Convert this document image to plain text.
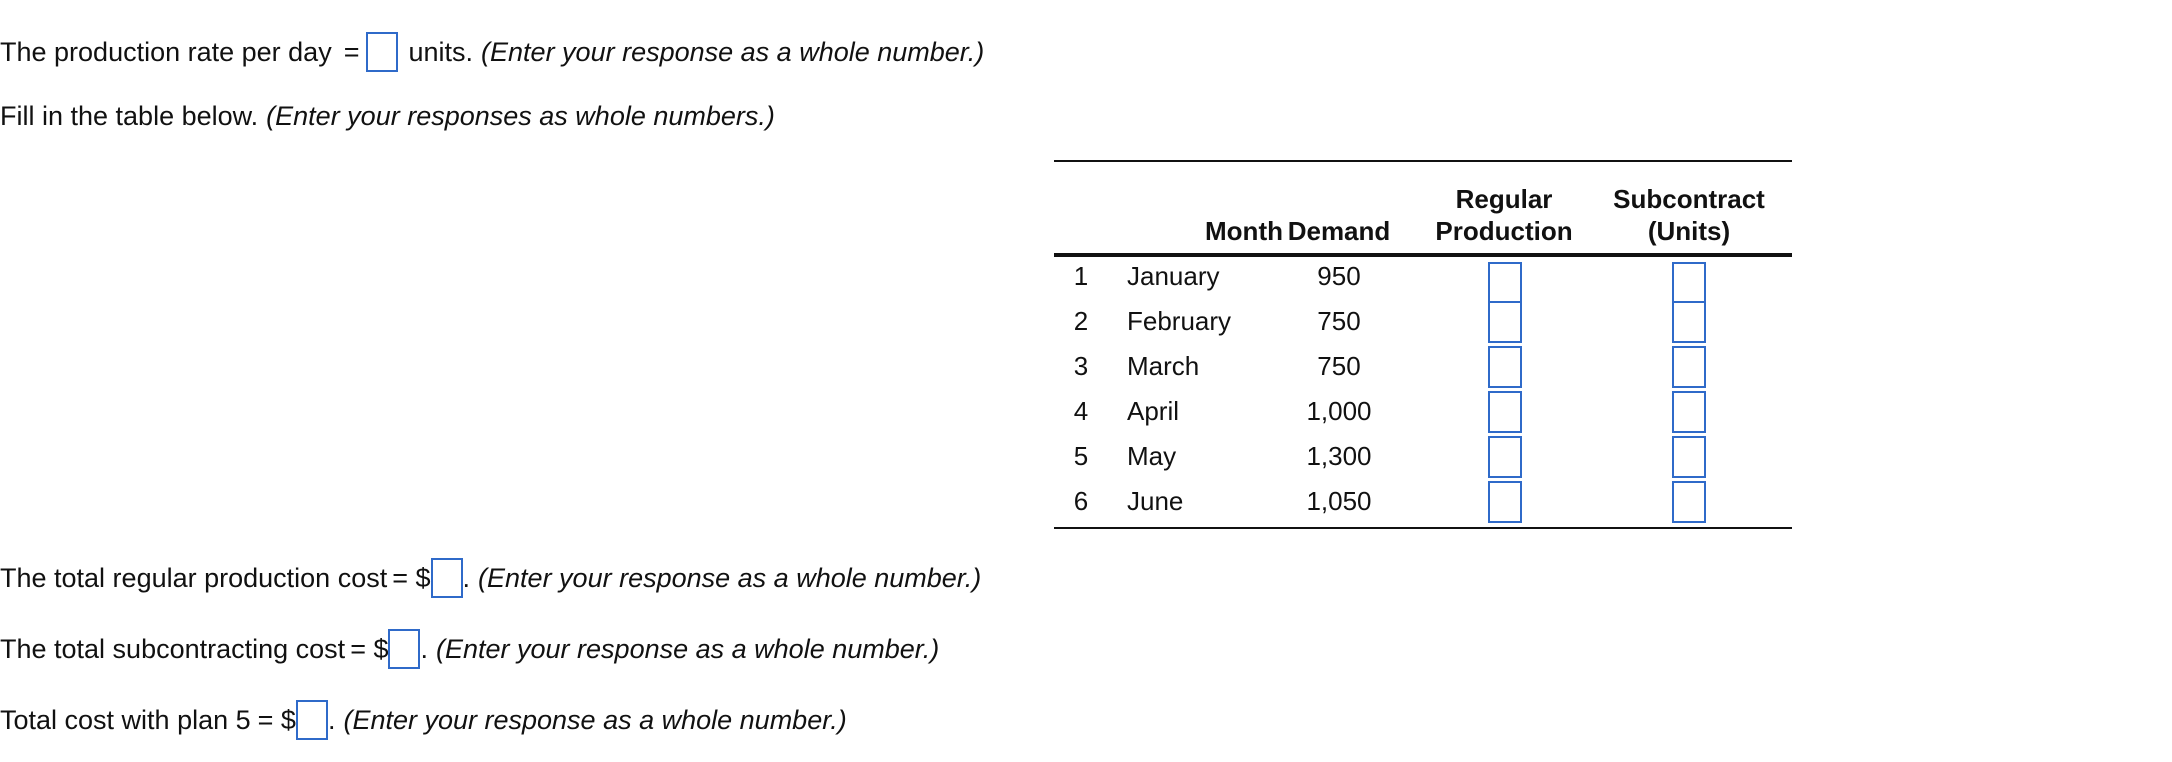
The production rate per day = units. (Enter your response as a whole number.)
Fill in the table below. (Enter your responses as whole numbers.)
Month Demand
Regular
Production
Subcontract
(Units)
1 January	950
2 February	750
3 March	750
4 April	1,000
5 May	1,300
6 June	1,050
The total regular production cost = $ . (Enter your response as a whole number.)
The total subcontracting cost = $ . (Enter your response as a whole number.)
Total cost with plan 5 = $ . (Enter your response as a whole number.)
